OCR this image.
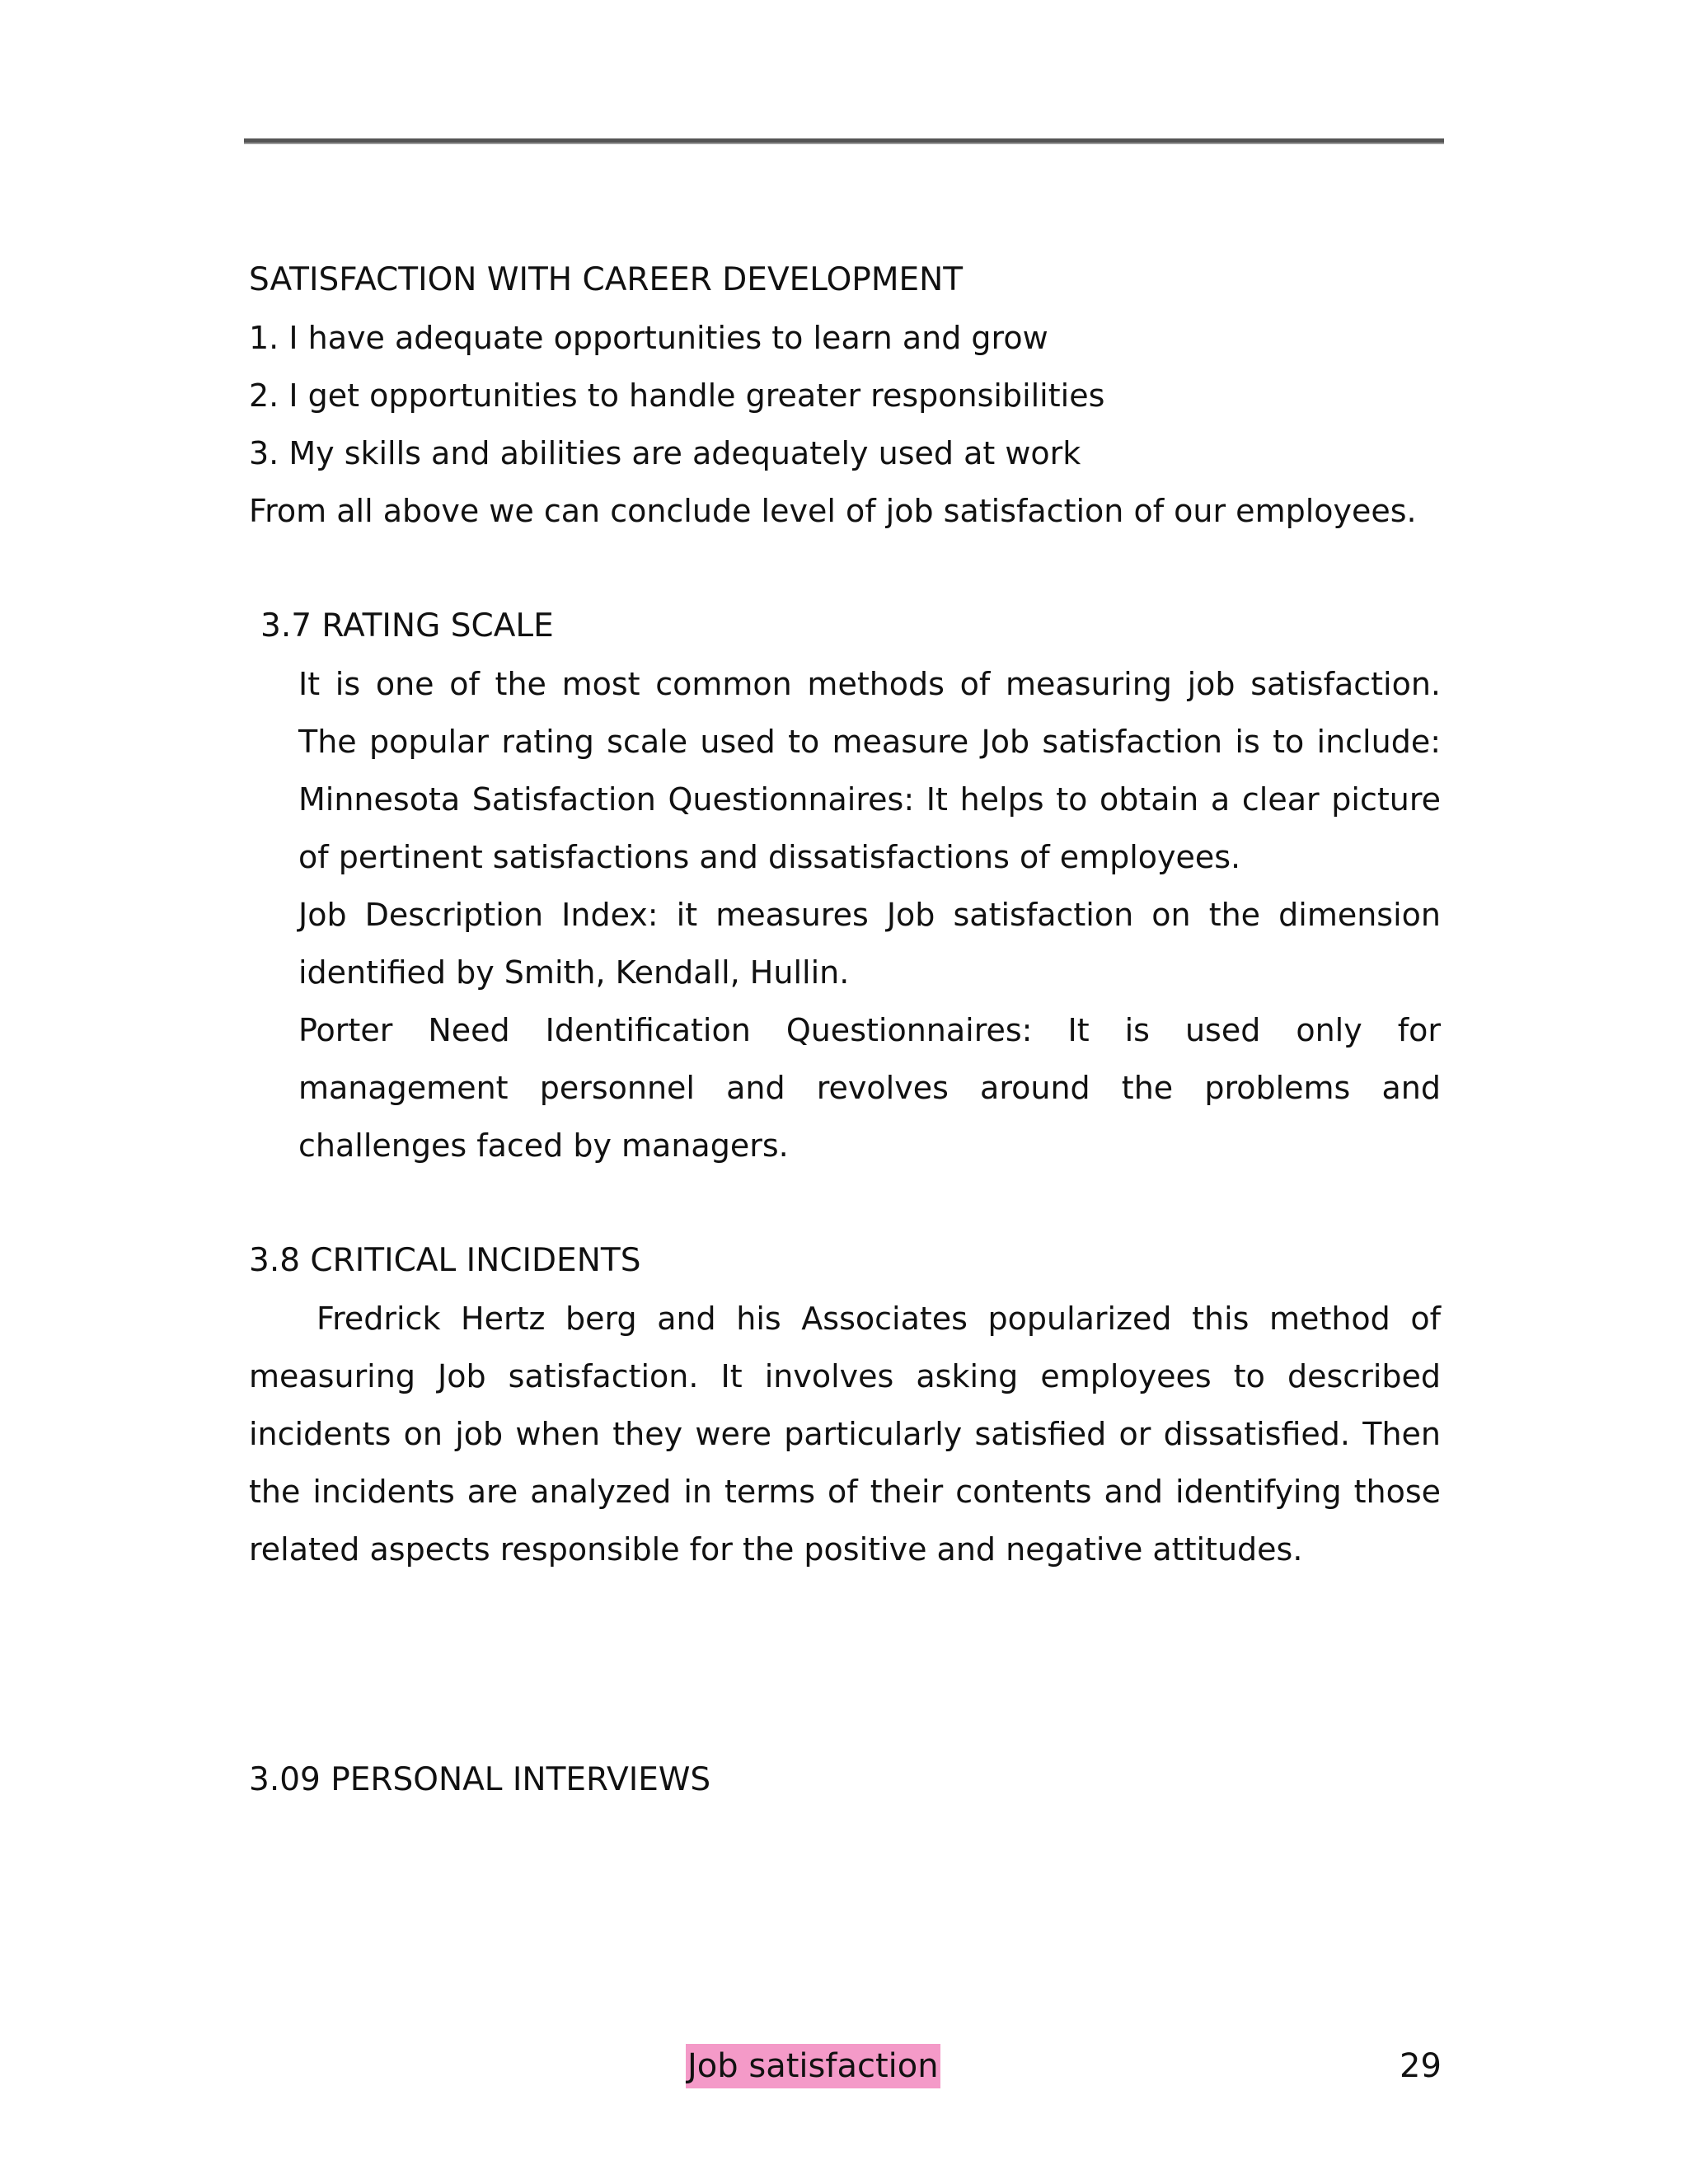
SATISFACTION WITH CAREER DEVELOPMENT

1. I have adequate opportunities to learn and grow

2. I get opportunities to handle greater responsibilities

3. My skills and abilities are adequately used at work

From all above we can conclude level of job satisfaction of our employees.

3.7 RATING SCALE

It is one of the most common methods of measuring job satisfaction. The popular rating scale used to measure Job satisfaction is to include: Minnesota Satisfaction Questionnaires: It helps to obtain a clear picture of pertinent satisfactions and dissatisfactions of employees.

Job Description Index: it measures Job satisfaction on the dimension identified by Smith, Kendall, Hullin.

Porter Need Identification Questionnaires: It is used only for management personnel and revolves around the problems and challenges faced by managers.

3.8 CRITICAL INCIDENTS

Fredrick Hertz berg and his Associates popularized this method of measuring Job satisfaction. It involves asking employees to described incidents on job when they were particularly satisfied or dissatisfied. Then the incidents are analyzed in terms of their contents and identifying those related aspects responsible for the positive and negative attitudes.

3.09 PERSONAL INTERVIEWS

Job satisfaction	29
